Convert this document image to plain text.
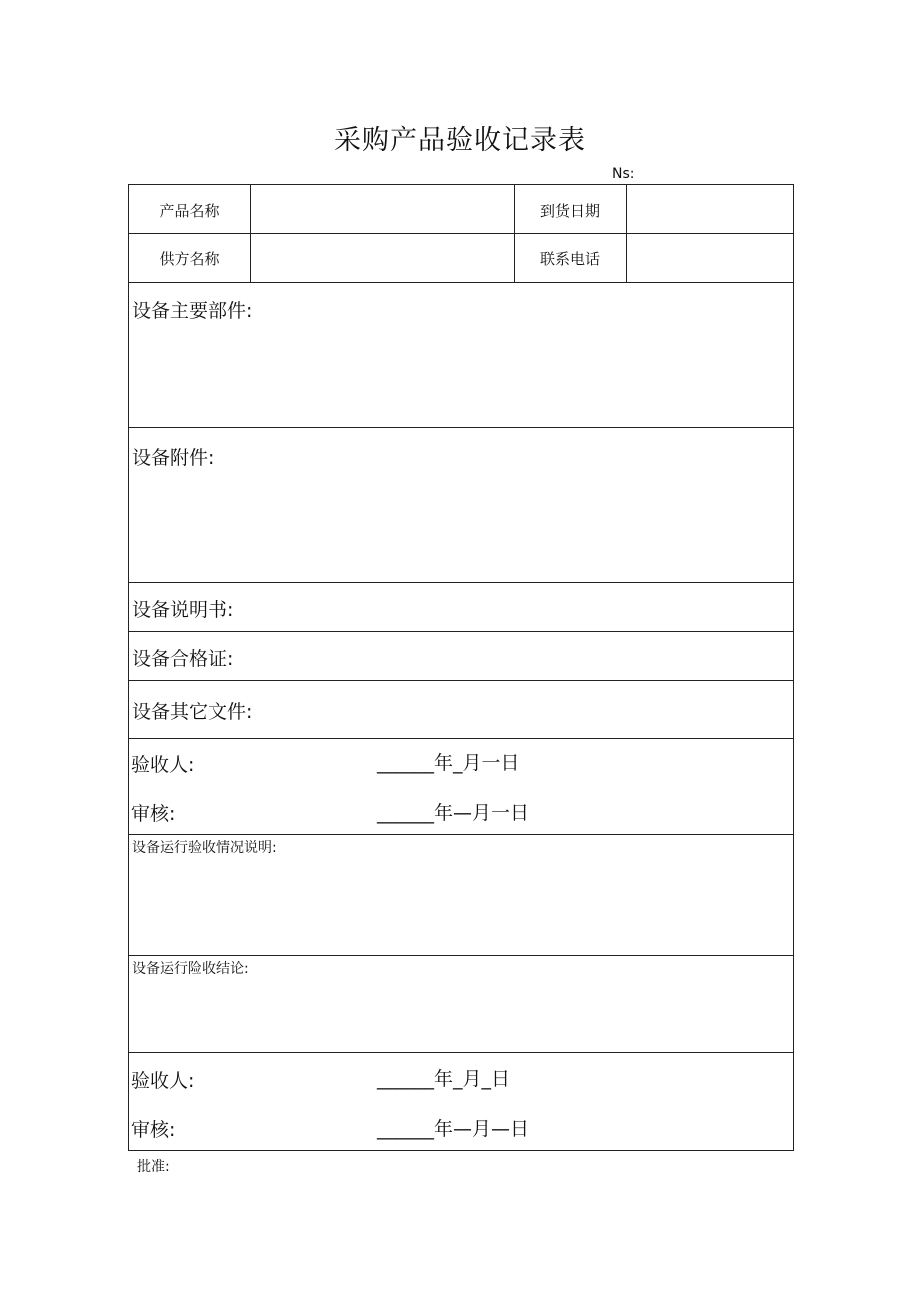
采购产品验收记录表
Ns:
产品名称	到货日期
供方名称	联系电话
设备主要部件:
设备附件:
设备说明书:
设备合格证:
设备其它文件:
验收人:	______年_月一日
审核:	______年—月一日
设备运行验收情况说明:
设备运行险收结论:
验收人:	______年_月_日
审核:	______年—月—日
批准:
